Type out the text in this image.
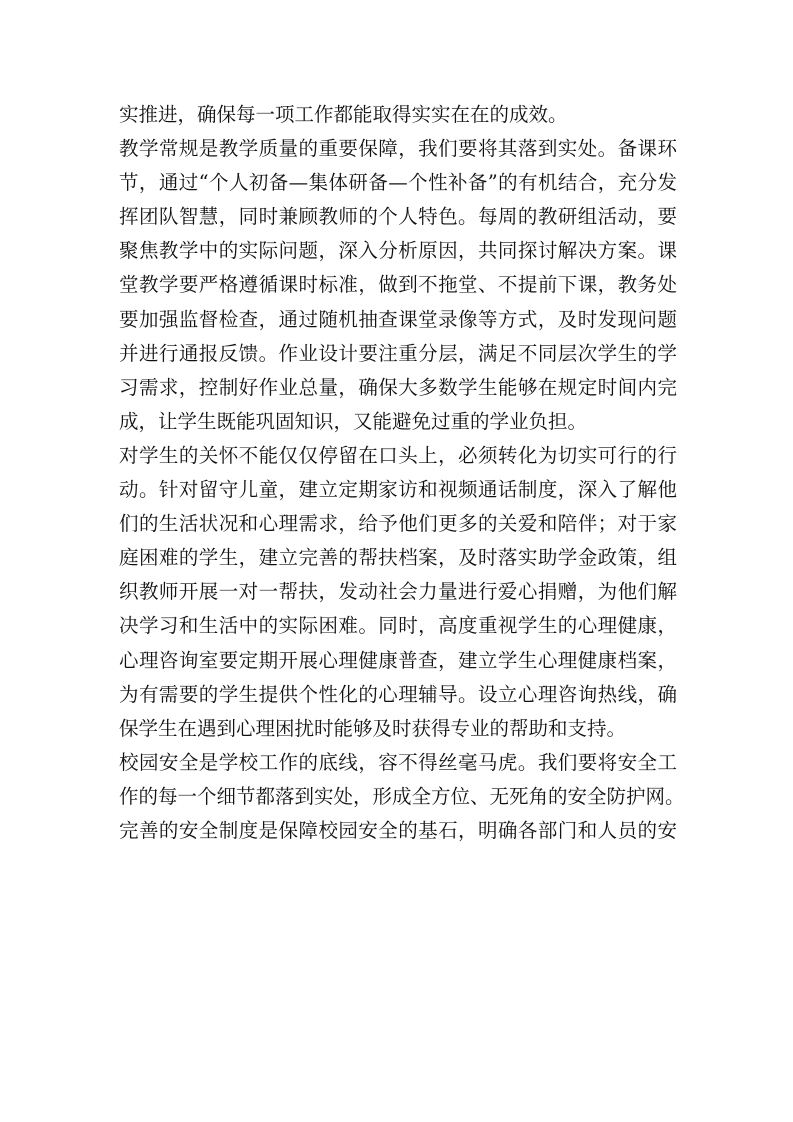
实推进，确保每一项工作都能取得实实在在的成效。
教学常规是教学质量的重要保障，我们要将其落到实处。备课环
节，通过“个人初备—集体研备—个性补备”的有机结合，充分发
挥团队智慧，同时兼顾教师的个人特色。每周的教研组活动，要
聚焦教学中的实际问题，深入分析原因，共同探讨解决方案。课
堂教学要严格遵循课时标准，做到不拖堂、不提前下课，教务处
要加强监督检查，通过随机抽查课堂录像等方式，及时发现问题
并进行通报反馈。作业设计要注重分层，满足不同层次学生的学
习需求，控制好作业总量，确保大多数学生能够在规定时间内完
成，让学生既能巩固知识，又能避免过重的学业负担。
对学生的关怀不能仅仅停留在口头上，必须转化为切实可行的行
动。针对留守儿童，建立定期家访和视频通话制度，深入了解他
们的生活状况和心理需求，给予他们更多的关爱和陪伴；对于家
庭困难的学生，建立完善的帮扶档案，及时落实助学金政策，组
织教师开展一对一帮扶，发动社会力量进行爱心捐赠，为他们解
决学习和生活中的实际困难。同时，高度重视学生的心理健康，
心理咨询室要定期开展心理健康普查，建立学生心理健康档案，
为有需要的学生提供个性化的心理辅导。设立心理咨询热线，确
保学生在遇到心理困扰时能够及时获得专业的帮助和支持。
校园安全是学校工作的底线，容不得丝毫马虎。我们要将安全工
作的每一个细节都落到实处，形成全方位、无死角的安全防护网。
完善的安全制度是保障校园安全的基石，明确各部门和人员的安
